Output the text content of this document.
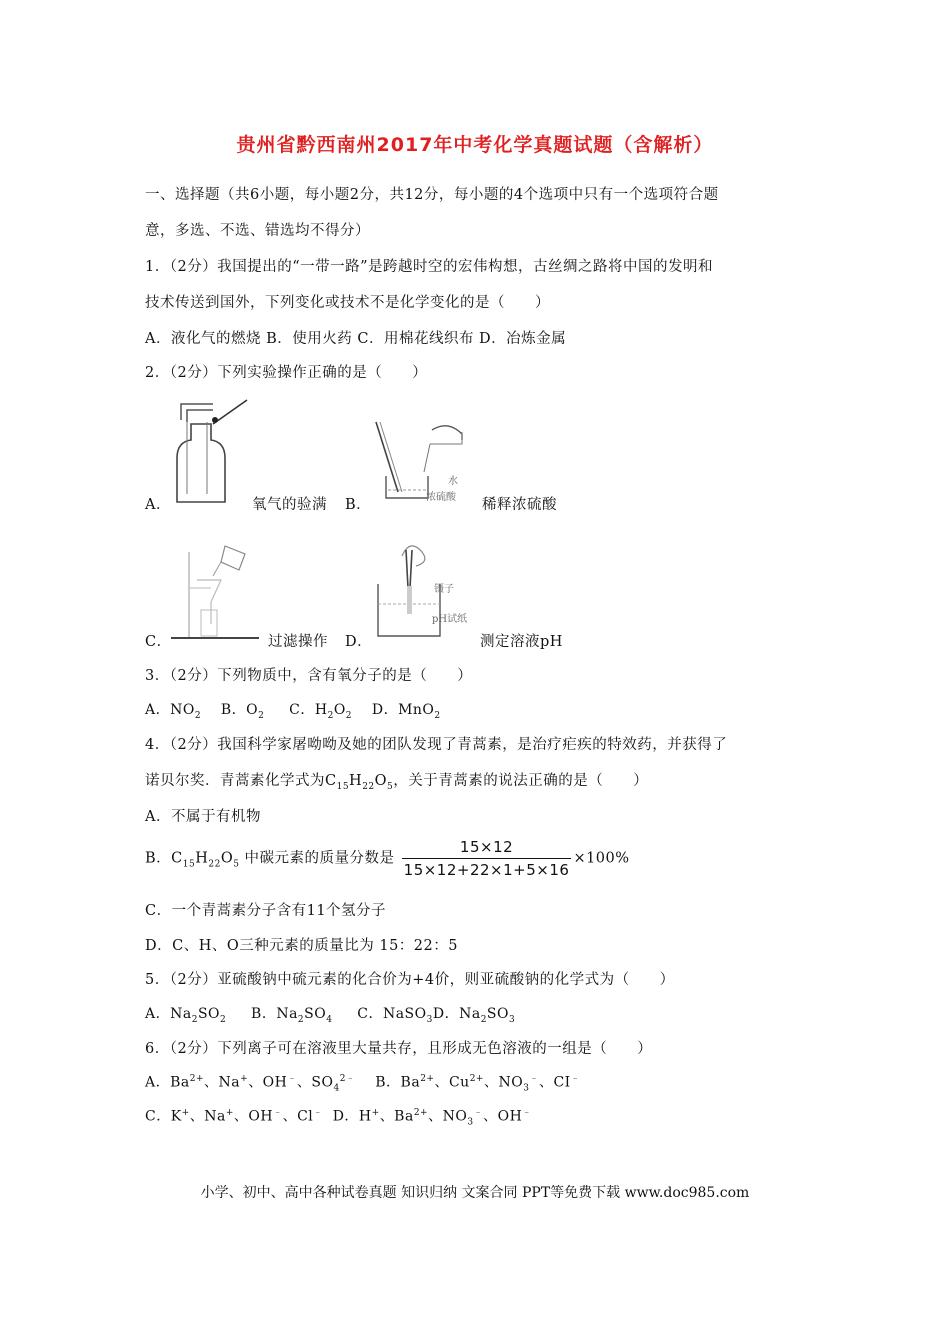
贵州省黔西南州2017年中考化学真题试题（含解析）
一、选择题（共6小题，每小题2分，共12分，每小题的4个选项中只有一个选项符合题
意，多选、不选、错选均不得分）
1．（2分）我国提出的“一带一路”是跨越时空的宏伟构想，古丝绸之路将中国的发明和
技术传送到国外，下列变化或技术不是化学变化的是（　　）
A．液化气的燃烧 B．使用火药 C．用棉花线织布 D．冶炼金属
2．（2分）下列实验操作正确的是（　　）
A．	氧气的验满
水
浓硫酸
B．	稀释浓硫酸
C．	过滤操作
镊子
pH试纸
D．	测定溶液pH
3．（2分）下列物质中，含有氧分子的是（　　）
A．$NO_2$ B．$O_2$ C．$H_2O_2$ D．MnO$_2$
4．（2分）我国科学家屠呦呦及她的团队发现了青蒿素，是治疗疟疾的特效药，并获得了
诺贝尔奖．青蒿素化学式为$C_{15}H_{22}O_5$，关于青蒿素的说法正确的是（　　）
A．不属于有机物
B．$C_{15}H_{22}O_5$ 中碳元素的质量分数是 $\frac{15\times 12}{15\times 12+22\times 1+5\times 16} \times 100\%$
C．一个青蒿素分子含有11个氢分子
D．C、H、O三种元素的质量比为 15：22：5
5．（2分）亚硫酸钠中硫元素的化合价为+4价，则亚硫酸钠的化学式为（　　）
A．$Na_2SO_2$ B．$Na_2SO_4$ C．NaSO$_3$D．$Na_2SO_3$
6．（2分）下列离子可在溶液里大量共存，且形成无色溶液的一组是（　　）
A．$Ba^{2+}$、Na+、OH﹣、$SO_4^{2﹣}$ B．$Ba^{2+}$、$Cu^{2+}$、$NO_3^﹣$、CI﹣
C．K+、Na+、OH﹣、Cl﹣ D．H+、$Ba^{2+}$、$NO_3^﹣$、OH﹣
小学、初中、高中各种试卷真题 知识归纳 文案合同 PPT等免费下载 www.doc985.com
